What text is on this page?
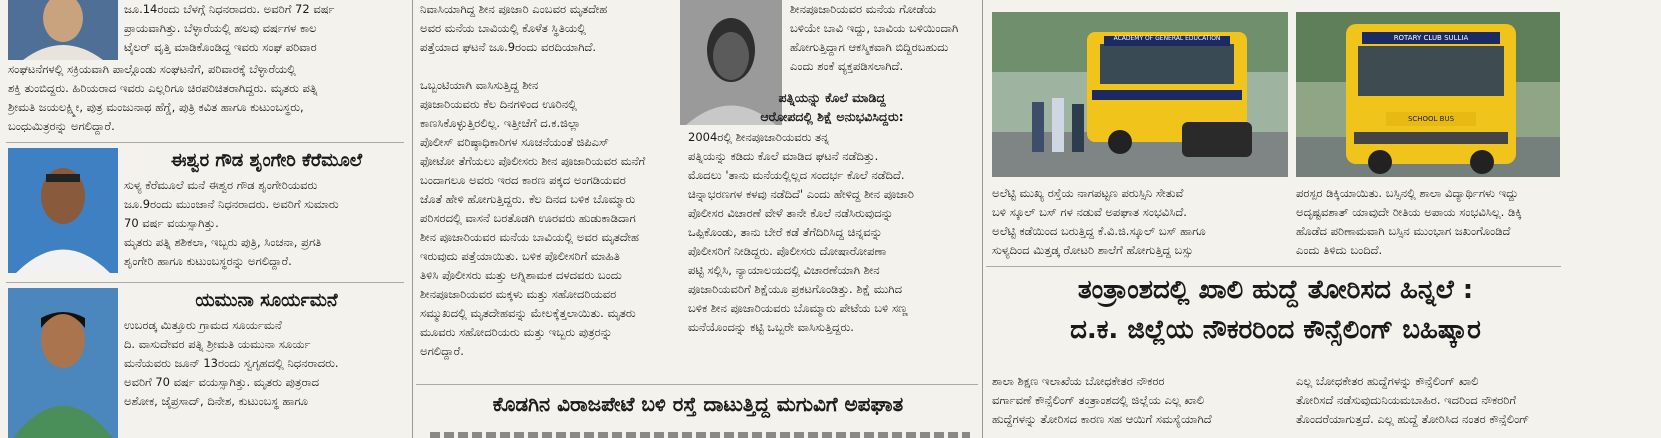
ಜೂ.14ರಂದು ಬೆಳಗ್ಗೆ ನಿಧನರಾದರು. ಅವರಿಗೆ 72 ವರ್ಷ
ಪ್ರಾಯವಾಗಿತ್ತು. ಬೆಳ್ಳಾರೆಯಲ್ಲಿ ಹಲವು ವರ್ಷಗಳ ಕಾಲ
ಟೈಲರ್ ವೃತ್ತಿ ಮಾಡಿಕೊಂಡಿದ್ದ ಇವರು ಸಂಘ ಪರಿವಾರ
ಸಂಘಟನೆಗಳಲ್ಲಿ ಸಕ್ರಿಯವಾಗಿ ಪಾಲ್ಗೊಂಡು ಸಂಘಟನೆಗೆ, ಪರಿವಾರಕ್ಕೆ ಬೆಳ್ಳಾರೆಯಲ್ಲಿ
ಶಕ್ತಿ ತುಂಬಿದ್ದರು. ಹಿರಿಯರಾದ ಇವರು ಎಲ್ಲರಿಗೂ ಚಿರಪರಿಚಿತರಾಗಿದ್ದರು. ಮೃತರು ಪತ್ನಿ
ಶ್ರೀಮತಿ ಜಯಲಕ್ಷ್ಮೀ, ಪುತ್ರ ಮಂಜುನಾಥ ಹೆಗ್ಡೆ, ಪುತ್ರಿ ಕವಿತ ಹಾಗೂ ಕುಟುಂಬಸ್ಥರು,
ಬಂಧುಮಿತ್ರರನ್ನು ಅಗಲಿದ್ದಾರೆ.
ಈಶ್ವರ ಗೌಡ ಶೃಂಗೇರಿ ಕೆರೆಮೂಲೆ
ಸುಳ್ಯ ಕೆರೆಮೂಲೆ ಮನೆ ಈಶ್ವರ ಗೌಡ ಶೃಂಗೇರಿಯವರು
ಜೂ.9ರಂದು ಮುಂಜಾನೆ ನಿಧನರಾದರು. ಅವರಿಗೆ ಸುಮಾರು
70 ವರ್ಷ ವಯಸ್ಸಾಗಿತ್ತು.
ಮೃತರು ಪತ್ನಿ ಶಶಿಕಲಾ, ಇಬ್ಬರು ಪುತ್ರಿ, ಸಿಂಚನಾ, ಪ್ರಗತಿ
ಶೃಂಗೇರಿ ಹಾಗೂ ಕುಟುಂಬಸ್ಥರನ್ನು ಅಗಲಿದ್ದಾರೆ.
ಯಮುನಾ ಸೂರ್ಯಮನೆ
ಉಬರಡ್ಕ ಮಿತ್ತೂರು ಗ್ರಾಮದ ಸೂರ್ಯಮನೆ
ದಿ. ವಾಸುದೇವರ ಪತ್ನಿ ಶ್ರೀಮತಿ ಯಮುನಾ ಸೂರ್ಯ
ಮನೆಯವರು ಜೂನ್ 13ರಂದು ಸ್ವಗೃಹದಲ್ಲಿ ನಿಧನರಾದರು.
ಅವರಿಗೆ 70 ವರ್ಷ ವಯಸ್ಸಾಗಿತ್ತು. ಮೃತರು ಪುತ್ರರಾದ
ಅಶೋಕ, ಜೈಪ್ರಸಾದ್, ದಿನೇಶ, ಕುಟುಂಬಸ್ಥ ಹಾಗೂ
ನಿವಾಸಿಯಾಗಿದ್ದ ಶೀನ ಪೂಜಾರಿ ಎಂಬವರ ಮೃತದೇಹ
ಅವರ ಮನೆಯ ಬಾವಿಯಲ್ಲಿ ಕೊಳೆತ ಸ್ಥಿತಿಯಲ್ಲಿ
ಪತ್ತೆಯಾದ ಘಟನೆ ಜೂ.9ರಂದು ವರದಿಯಾಗಿದೆ.
ಒಬ್ಬಂಟಿಯಾಗಿ ವಾಸಿಸುತ್ತಿದ್ದ ಶೀನ
ಪೂಜಾರಿಯವರು ಕೆಲ ದಿನಗಳಿಂದ ಊರಿನಲ್ಲಿ
ಕಾಣಸಿಕೊಳ್ಳುತ್ತಿರಲಿಲ್ಲ. ಇತ್ತೀಚೆಗೆ ದ.ಕ.ಜಿಲ್ಲಾ
ಪೊಲೀಸ್ ವರಿಷ್ಠಾಧಿಕಾರಿಗಳ ಸೂಚನೆಯಂತೆ ಜಿಪಿಎಸ್
ಫೋಟೋ ತೆಗೆಯಲು ಪೊಲೀಸರು ಶೀನ ಪೂಜಾರಿಯವರ ಮನೆಗೆ
ಬಂದಾಗಲೂ ಅವರು ಇರದ ಕಾರಣ ಪಕ್ಕದ ಅಂಗಡಿಯವರ
ಜೊತೆ ಹೇಳಿ ಹೋಗುತ್ತಿದ್ದರು. ಕೆಲ ದಿನದ ಬಳಿಕ ಬೊಮ್ಮಾರು
ಪರಿಸರದಲ್ಲಿ ವಾಸನೆ ಬರತೊಡಗಿ ಊರವರು ಹುಡುಕಾಡಿದಾಗ
ಶೀನ ಪೂಜಾರಿಯವರ ಮನೆಯ ಬಾವಿಯಲ್ಲಿ ಅವರ ಮೃತದೇಹ
ಇರುವುದು ಪತ್ತೆಯಾಯಿತು. ಬಳಿಕ ಪೊಲೀಸರಿಗೆ ಮಾಹಿತಿ
ತಿಳಿಸಿ ಪೊಲೀಸರು ಮತ್ತು ಅಗ್ನಿಶಾಮಕ ದಳದವರು ಬಂದು
ಶೀನಪೂಜಾರಿಯವರ ಮಕ್ಕಳು ಮತ್ತು ಸಹೋದರಿಯವರ
ಸಮ್ಮುಖದಲ್ಲಿ ಮೃತದೇಹವನ್ನು ಮೇಲಕ್ಕೆತ್ತಲಾಯಿತು. ಮೃತರು
ಮೂವರು ಸಹೋದರಿಯರು ಮತ್ತು ಇಬ್ಬರು ಪುತ್ರರನ್ನು
ಅಗಲಿದ್ದಾರೆ.
ಶೀನಪೂಜಾರಿಯವರ ಮನೆಯ ಗೋಡೆಯ
ಬಳಿಯೇ ಬಾವಿ ಇದ್ದು, ಬಾವಿಯ ಬಳಿಯಿಂದಾಗಿ
ಹೋಗುತ್ತಿದ್ದಾಗ ಆಕಸ್ಮಿಕವಾಗಿ ಬಿದ್ದಿರಬಹುದು
ಎಂದು ಶಂಕೆ ವ್ಯಕ್ತಪಡಿಸಲಾಗಿದೆ.
ಪತ್ನಿಯನ್ನು ಕೊಲೆ ಮಾಡಿದ್ದ
ಆರೋಪದಲ್ಲಿ ಶಿಕ್ಷೆ ಅನುಭವಿಸಿದ್ದರು:
2004ರಲ್ಲಿ ಶೀನಪೂಜಾರಿಯವರು ತನ್ನ
ಪತ್ನಿಯನ್ನು ಕಡಿದು ಕೊಲೆ ಮಾಡಿದ ಘಟನೆ ನಡೆದಿತ್ತು.
ಮೊದಲು 'ತಾನು ಮನೆಯಲ್ಲಿಲ್ಲದ ಸಂದರ್ಭ ಕೊಲೆ ನಡೆದಿದೆ.
ಚಿನ್ನಾಭರಣಗಳ ಕಳವು ನಡೆದಿದೆ' ಎಂದು ಹೇಳಿದ್ದ ಶೀನ ಪೂಜಾರಿ
ಪೊಲೀಸರ ವಿಚಾರಣೆ ವೇಳೆ ತಾನೇ ಕೊಲೆ ನಡೆಸಿರುವುದನ್ನು
ಒಪ್ಪಿಕೊಂಡು, ತಾನು ಬೇರೆ ಕಡೆ ತೆಗೆದಿರಿಸಿದ್ದ ಚಿನ್ನವನ್ನು
ಪೊಲೀಸರಿಗೆ ನೀಡಿದ್ದರು. ಪೊಲೀಸರು ದೋಷಾರೋಪಣಾ
ಪಟ್ಟಿ ಸಲ್ಲಿಸಿ, ನ್ಯಾಯಾಲಯದಲ್ಲಿ ವಿಚಾರಣೆಯಾಗಿ ಶೀನ
ಪೂಜಾರಿಯವರಿಗೆ ಶಿಕ್ಷೆಯೂ ಪ್ರಕಟಗೊಂಡಿತ್ತು. ಶಿಕ್ಷೆ ಮುಗಿದ
ಬಳಿಕ ಶೀನ ಪೂಜಾರಿಯವರು ಬೊಮ್ಮಾರು ಪೇಟೆಯ ಬಳಿ ಸಣ್ಣ
ಮನೆಯೊಂದನ್ನು ಕಟ್ಟಿ ಒಬ್ಬರೇ ವಾಸಿಸುತ್ತಿದ್ದರು.
ಕೊಡಗಿನ ವಿರಾಜಪೇಟೆ ಬಳಿ ರಸ್ತೆ ದಾಟುತ್ತಿದ್ದ ಮಗುವಿಗೆ ಅಪಘಾತ
ACADEMY OF GENERAL EDUCATION	ROTARY CLUB SULLIA
SCHOOL BUS
ಅಲೆಟ್ಟಿ ಮುಖ್ಯ ರಸ್ತೆಯ ನಾಗಪಟ್ಟಣ ಪರುಸ್ಸಿನಿ ಸೇತುವೆ
ಬಳಿ ಸ್ಕೂಲ್ ಬಸ್ ಗಳ ನಡುವೆ ಅಪಘಾತ ಸಂಭವಿಸಿದೆ.
ಅಲೆಟ್ಟಿ ಕಡೆಯಿಂದ ಬರುತ್ತಿದ್ದ ಕೆ.ವಿ.ಜಿ.ಸ್ಕೂಲ್ ಬಸ್ ಹಾಗೂ
ಸುಳ್ಯದಿಂದ ಮಿತ್ತಡ್ಕ ರೋಟರಿ ಶಾಲೆಗೆ ಹೋಗುತ್ತಿದ್ದ ಬಸ್ಸು
ಪರಸ್ಪರ ಡಿಕ್ಕಿಯಾಯಿತು. ಬಸ್ಸಿನಲ್ಲಿ ಶಾಲಾ ವಿದ್ಯಾರ್ಥಿಗಳು ಇದ್ದು
ಅದೃಷ್ಟವಶಾತ್ ಯಾವುದೇ ರೀತಿಯ ಅಪಾಯ ಸಂಭವಿಸಿಲ್ಲ. ಡಿಕ್ಕಿ
ಹೊಡೆದ ಪರಿಣಾಮವಾಗಿ ಬಸ್ಸಿನ ಮುಂಭಾಗ ಜಖಂಗೊಂಡಿದೆ
ಎಂದು ತಿಳಿದು ಬಂದಿದೆ.
ತಂತ್ರಾಂಶದಲ್ಲಿ ಖಾಲಿ ಹುದ್ದೆ ತೋರಿಸದ ಹಿನ್ನಲೆ :
ದ.ಕ. ಜಿಲ್ಲೆಯ ನೌಕರರಿಂದ ಕೌನ್ಸೆಲಿಂಗ್ ಬಹಿಷ್ಕಾರ
ಶಾಲಾ ಶಿಕ್ಷಣ ಇಲಾಖೆಯ ಬೋಧಕೇತರ ನೌಕರರ
ವರ್ಗಾವಣೆ ಕೌನ್ಸೆಲಿಂಗ್ ತಂತ್ರಾಂಶದಲ್ಲಿ ಜಿಲ್ಲೆಯ ಎಲ್ಲ ಖಾಲಿ
ಹುದ್ದೆಗಳನ್ನು ತೋರಿಸದ ಕಾರಣ ಸಹ ಆಯಿಗೆ ಸಮಸ್ಯೆಯಾಗಿದೆ
ಎಲ್ಲ ಬೋಧಕೇತರ ಹುದ್ದೆಗಳನ್ನು ಕೌನ್ಸೆಲಿಂಗ್ ಖಾಲಿ
ತೋರಿಸದೆ ನಡೆಸುವುದುನಿಯಮಬಾಹಿರ. ಇದರಿಂದ ನೌಕರರಿಗೆ
ತೊಂದರೆಯಾಗುತ್ತದೆ. ಎಲ್ಲ ಹುದ್ದೆ ತೋರಿಸಿದ ನಂತರ ಕೌನ್ಸೆಲಿಂಗ್
